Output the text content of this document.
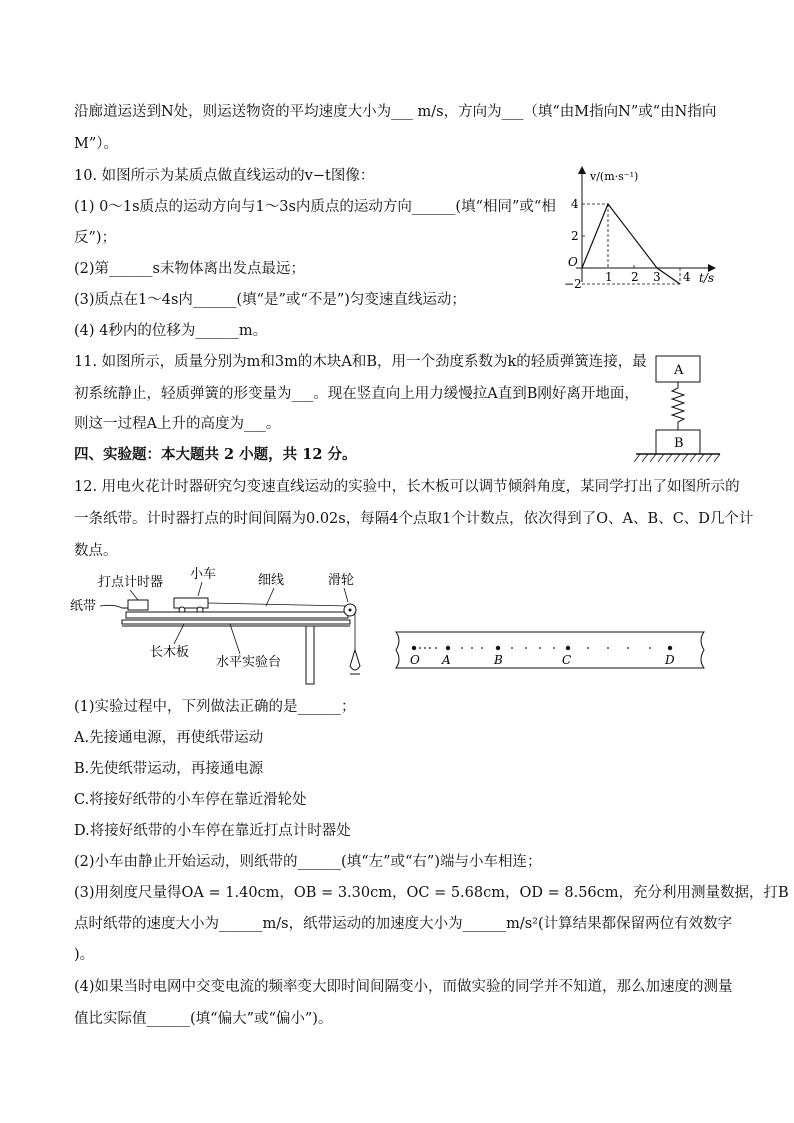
沿廊道运送到N处，则运送物资的平均速度大小为___ m/s，方向为___（填“由M指向N”或“由N指向
M”）。
10. 如图所示为某质点做直线运动的v−t图像：
(1) 0～1s质点的运动方向与1～3s内质点的运动方向______(填“相同”或“相
反”)；
(2)第______s末物体离出发点最远；
(3)质点在1～4s内______(填“是”或“不是”)匀变速直线运动；
(4) 4秒内的位移为______m。
v/(m·s⁻¹)
t/s
O
4
2
−2 1 2 3 4
11. 如图所示，质量分别为m和3m的木块A和B，用一个劲度系数为k的轻质弹簧连接，最
初系统静止，轻质弹簧的形变量为___。现在竖直向上用力缓慢拉A直到B刚好离开地面，
则这一过程A上升的高度为___。
A
B
四、实验题：本大题共 2 小题，共 12 分。
12. 用电火花计时器研究匀变速直线运动的实验中，长木板可以调节倾斜角度，某同学打出了如图所示的
一条纸带。计时器打点的时间间隔为0.02s，每隔4个点取1个计数点，依次得到了O、A、B、C、D几个计
数点。
打点计时器
小车	细线	滑轮
纸带
长木板
水平实验台	O A	B	C	D
(1)实验过程中，下列做法正确的是______；
A.先接通电源，再使纸带运动
B.先使纸带运动，再接通电源
C.将接好纸带的小车停在靠近滑轮处
D.将接好纸带的小车停在靠近打点计时器处
(2)小车由静止开始运动，则纸带的______(填“左”或“右”)端与小车相连；
(3)用刻度尺量得OA = 1.40cm，OB = 3.30cm，OC = 5.68cm，OD = 8.56cm，充分利用测量数据，打B
点时纸带的速度大小为______m/s，纸带运动的加速度大小为______m/s²(计算结果都保留两位有效数字
)。
(4)如果当时电网中交变电流的频率变大即时间间隔变小，而做实验的同学并不知道，那么加速度的测量
值比实际值______(填“偏大”或“偏小”)。
